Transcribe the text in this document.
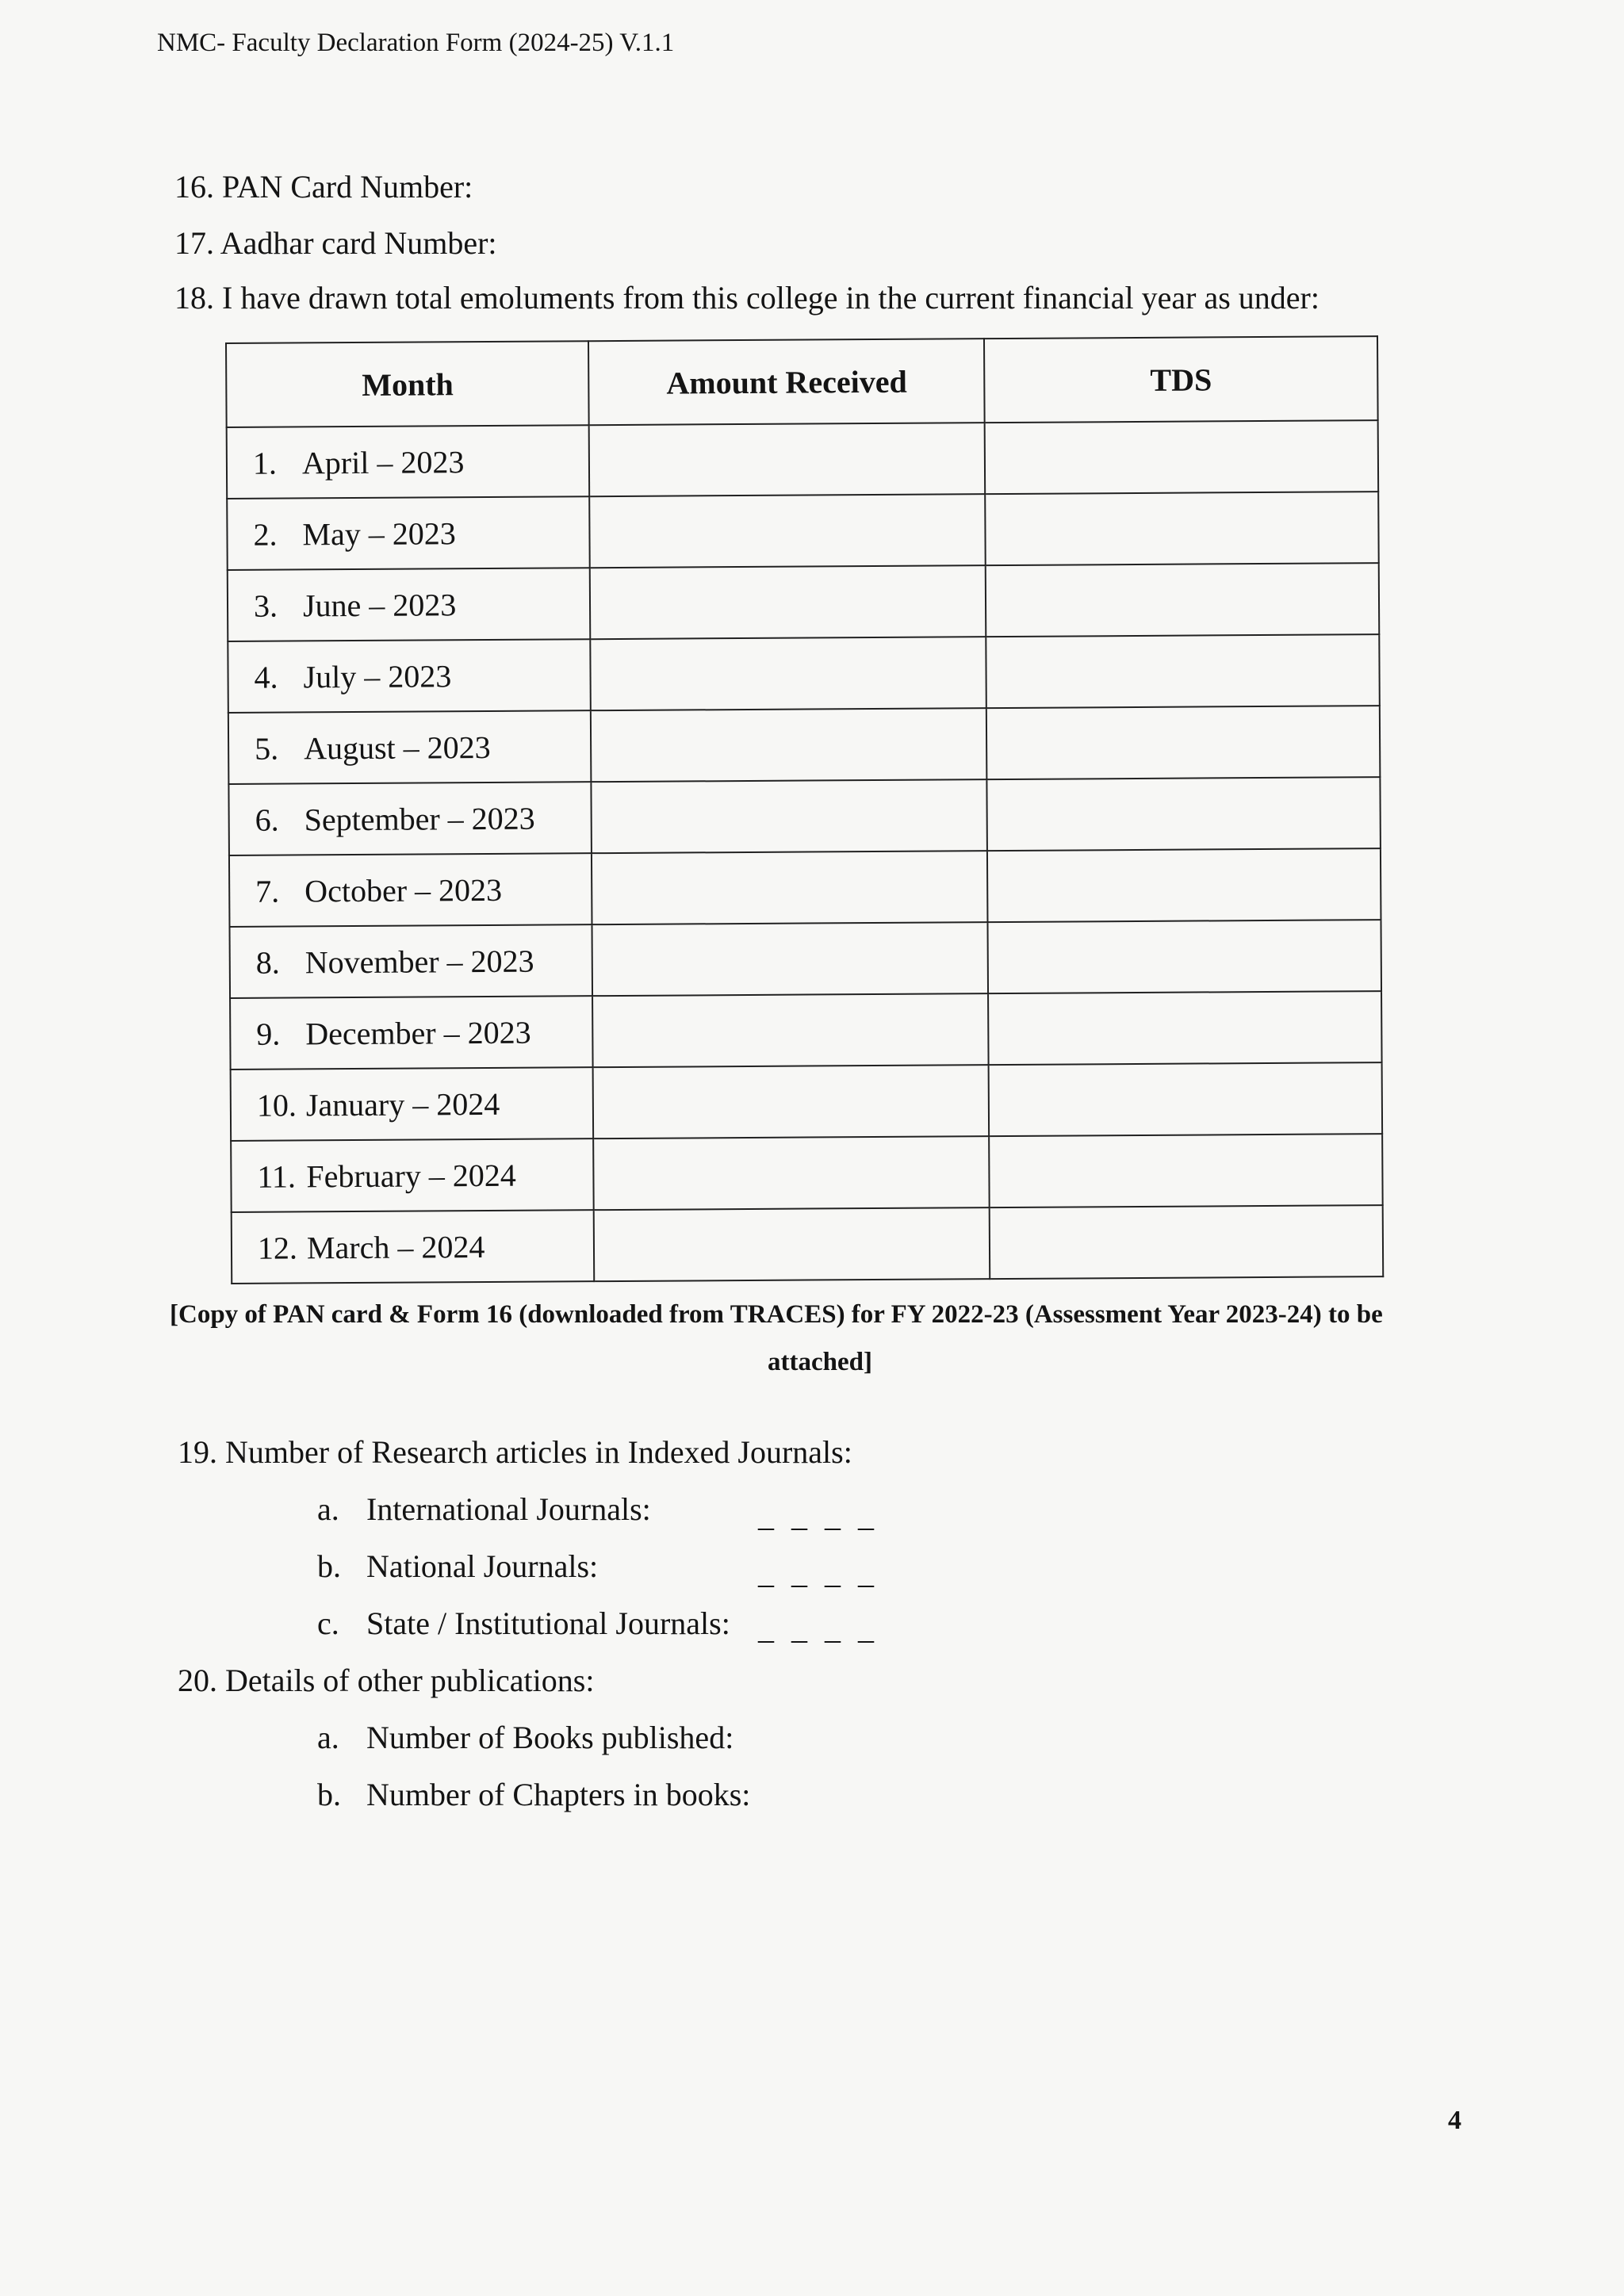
NMC- Faculty Declaration Form (2024-25) V.1.1
16. PAN Card Number:
17. Aadhar card Number:
18. I have drawn total emoluments from this college in the current financial year as under:
Month	Amount Received	TDS
1. April – 2023		
2. May – 2023		
3. June – 2023		
4. July – 2023		
5. August – 2023		
6. September – 2023		
7. October – 2023		
8. November – 2023		
9. December – 2023		
10. January – 2024		
11. February – 2024		
12. March – 2024		
[Copy of PAN card & Form 16 (downloaded from TRACES) for FY 2022-23 (Assessment Year 2023-24) to be
attached]
19. Number of Research articles in Indexed Journals:
a. International Journals:	_ _ _ _
b. National Journals:	_ _ _ _
c. State / Institutional Journals: _ _ _ _
20. Details of other publications:
a. Number of Books published:
b. Number of Chapters in books:
4
